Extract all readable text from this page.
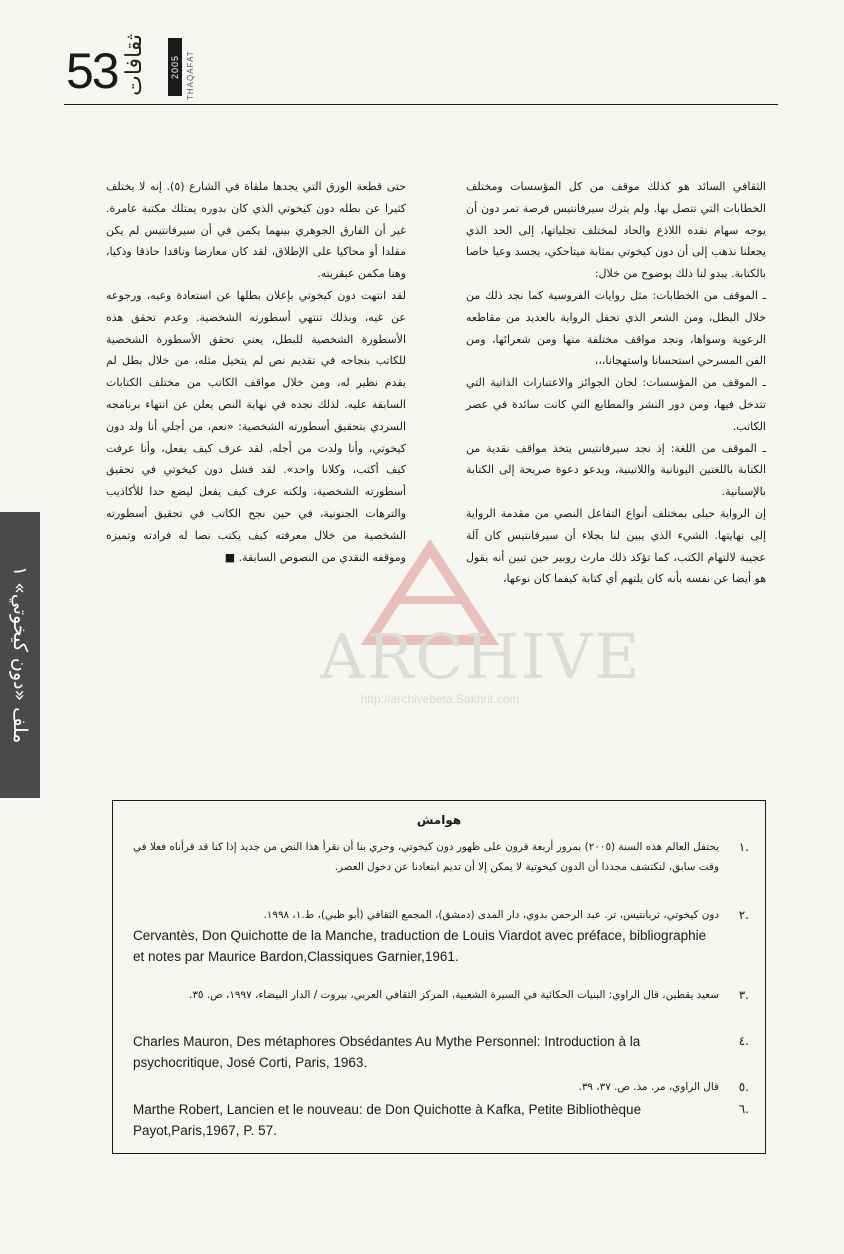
53 ثقافات	2005 THAQAFAT
ملف «دون كيخوتي» ١	ARCHIVE
http://archivebeta.Sakhrit.com

الثقافي السائد هو كذلك موقف من كل المؤسسات ومختلف الخطابات التي تتصل بها. ولم يترك سيرفانتيس فرصة تمر دون أن يوجه سهام نقده اللاذع والحاد لمختلف تجلياتها، إلى الحد الذي يجعلنا نذهب إلى أن دون كيخوتي بمثابة ميتاحكي، يجسد وعيا خاصا بالكتابة. يبدو لنا ذلك بوضوح من خلال:

ـ الموقف من الخطابات: مثل روايات الفروسية كما نجد ذلك من خلال البطل، ومن الشعر الذي تحفل الرواية بالعديد من مقاطعه الرعوية وسواها، ونجد مواقف مختلفة منها ومن شعرائها، ومن الفن المسرحي استحسانا واستهجانا،،،

ـ الموقف من المؤسسات: لجان الجوائز والاعتبارات الذاتية التي تتدخل فيها، ومن دور النشر والمطابع التي كانت سائدة في عصر الكاتب.

ـ الموقف من اللغة: إذ نجد سيرفانتيس يتخذ مواقف نقدية من الكتابة باللغتين اليونانية واللاتينية، ويدعو دعوة صريحة إلى الكتابة بالإسبانية.

إن الرواية حبلى بمختلف أنواع التفاعل النصي من مقدمة الرواية إلى نهايتها. الشيء الذي يبين لنا بجلاء أن سيرفانتيس كان آلة عجيبة لالتهام الكتب، كما تؤكد ذلك مارث روبير حين تبين أنه يقول هو أيضا عن نفسه بأنه كان يلتهم أي كتابة كيفما كان نوعها،

حتى قطعة الورق التي يجدها ملقاة في الشارع (٥). إنه لا يختلف كثيرا عن بطله دون كيخوتي الذي كان بدوره يمتلك مكتبة عامرة. غير أن الفارق الجوهري بينهما يكمن في أن سيرفانتيس لم يكن مقلدا أو محاكيا على الإطلاق، لقد كان معارضا وناقدا حاذقا وذكيا، وهنا مكمن عبقريته.

لقد انتهت دون كيخوتي بإعلان بطلها عن استعادة وعيه، ورجوعه عن غيه، وبذلك تنتهي أسطورته الشخصية. وعدم تحقق هذه الأسطورة الشخصية للبطل، يعني تحقق الأسطورة الشخصية للكاتب بنجاحه في تقديم نص لم يتخيل مثله، من خلال بطل لم يقدم نظير له، ومن خلال مواقف الكاتب من مختلف الكتابات السابقة عليه. لذلك نجده في نهاية النص يعلن عن انتهاء برنامجه السردي بتحقيق أسطورته الشخصية: «نعم، من أجلي أنا ولد دون كيخوتي، وأنا ولدت من أجله. لقد عرف كيف يفعل، وأنا عرفت كيف أكتب، وكلانا واحد». لقد فشل دون كيخوتي في تحقيق أسطورته الشخصية، ولكنه عرف كيف يفعل ليضع حدا للأكاذيب والترهات الجنونية، في حين نجح الكاتب في تحقيق أسطورته الشخصية من خلال معرفته كيف يكتب نصا له فرادته وتميزه وموقفه النقدي من النصوص السابقة. ■

هوامش
.١
يحتفل العالم هذه السنة (٢٠٠٥) بمرور أربعة قرون على ظهور دون كيخوتي، وحري بنا أن نقرأ هذا النص من جديد إذا كنا قد قرأناه فعلا في وقت سابق، لنكتشف مجددا أن الدون كيخوتية لا يمكن إلا أن تديم ابتعادنا عن دخول العصر.
.٢
دون كيخوتي، ثربانتيس، تر. عبد الرحمن بدوي، دار المدى (دمشق)، المجمع الثقافي (أبو ظبي)، ط.١، ١٩٩٨.
Cervantès, Don Quichotte de la Manche, traduction de Louis Viardot avec préface, bibliographie et notes par Maurice Bardon,Classiques Garnier,1961.
.٣
سعيد يقطين، قال الراوي: البنيات الحكائية في السيرة الشعبية، المركز الثقافي العربي، بيروت / الدار البيضاء، ١٩٩٧، ص. ٣٥.
.٤
Charles Mauron, Des métaphores Obsédantes Au Mythe Personnel: Introduction à la psychocritique, José Corti, Paris, 1963.
.٥
قال الراوي، مر. مذ. ص. ٣٧، ٣٩.
.٦
Marthe Robert, Lancien et le nouveau: de Don Quichotte à Kafka, Petite Bibliothèque Payot,Paris,1967, P. 57.
